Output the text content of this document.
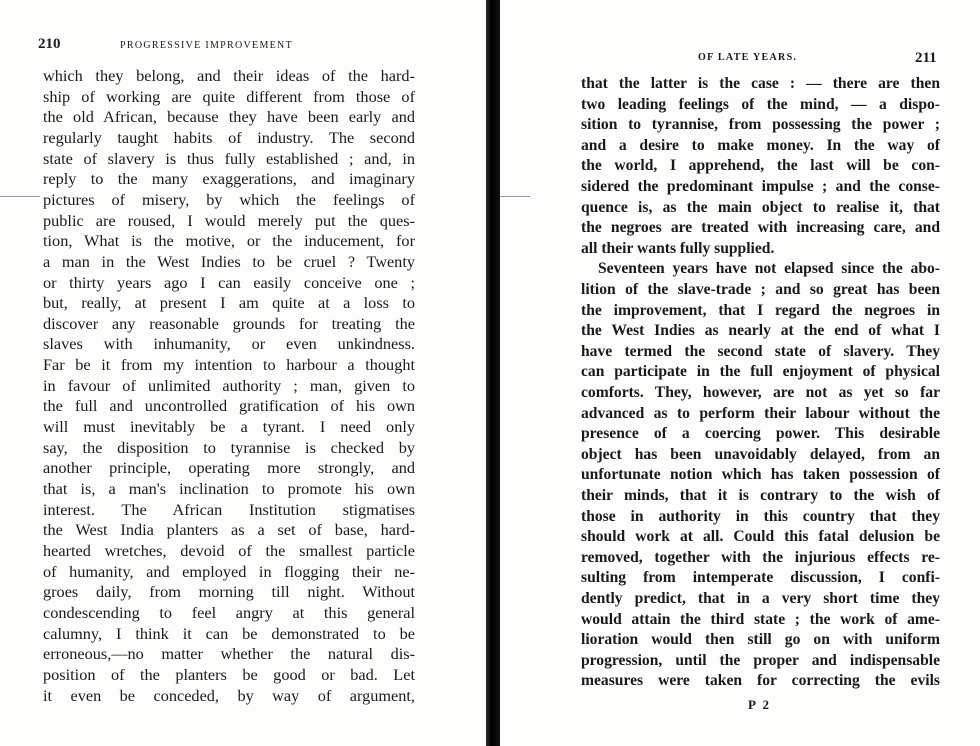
210	PROGRESSIVE IMPROVEMENT
which they belong, and their ideas of the hard-
ship of working are quite different from those of
the old African, because they have been early and
regularly taught habits of industry. The second
state of slavery is thus fully established ; and, in
reply to the many exaggerations, and imaginary
pictures of misery, by which the feelings of
public are roused, I would merely put the ques-
tion, What is the motive, or the inducement, for
a man in the West Indies to be cruel ? Twenty
or thirty years ago I can easily conceive one ;
but, really, at present I am quite at a loss to
discover any reasonable grounds for treating the
slaves with inhumanity, or even unkindness.
Far be it from my intention to harbour a thought
in favour of unlimited authority ; man, given to
the full and uncontrolled gratification of his own
will must inevitably be a tyrant. I need only
say, the disposition to tyrannise is checked by
another principle, operating more strongly, and
that is, a man's inclination to promote his own
interest. The African Institution stigmatises
the West India planters as a set of base, hard-
hearted wretches, devoid of the smallest particle
of humanity, and employed in flogging their ne-
groes daily, from morning till night. Without
condescending to feel angry at this general
calumny, I think it can be demonstrated to be
erroneous,—no matter whether the natural dis-
position of the planters be good or bad. Let
it even be conceded, by way of argument,
OF LATE YEARS.	211
that the latter is the case : — there are then
two leading feelings of the mind, — a dispo-
sition to tyrannise, from possessing the power ;
and a desire to make money. In the way of
the world, I apprehend, the last will be con-
sidered the predominant impulse ; and the conse-
quence is, as the main object to realise it, that
the negroes are treated with increasing care, and
all their wants fully supplied.
Seventeen years have not elapsed since the abo-
lition of the slave-trade ; and so great has been
the improvement, that I regard the negroes in
the West Indies as nearly at the end of what I
have termed the second state of slavery. They
can participate in the full enjoyment of physical
comforts. They, however, are not as yet so far
advanced as to perform their labour without the
presence of a coercing power. This desirable
object has been unavoidably delayed, from an
unfortunate notion which has taken possession of
their minds, that it is contrary to the wish of
those in authority in this country that they
should work at all. Could this fatal delusion be
removed, together with the injurious effects re-
sulting from intemperate discussion, I confi-
dently predict, that in a very short time they
would attain the third state ; the work of ame-
lioration would then still go on with uniform
progression, until the proper and indispensable
measures were taken for correcting the evils
P 2
